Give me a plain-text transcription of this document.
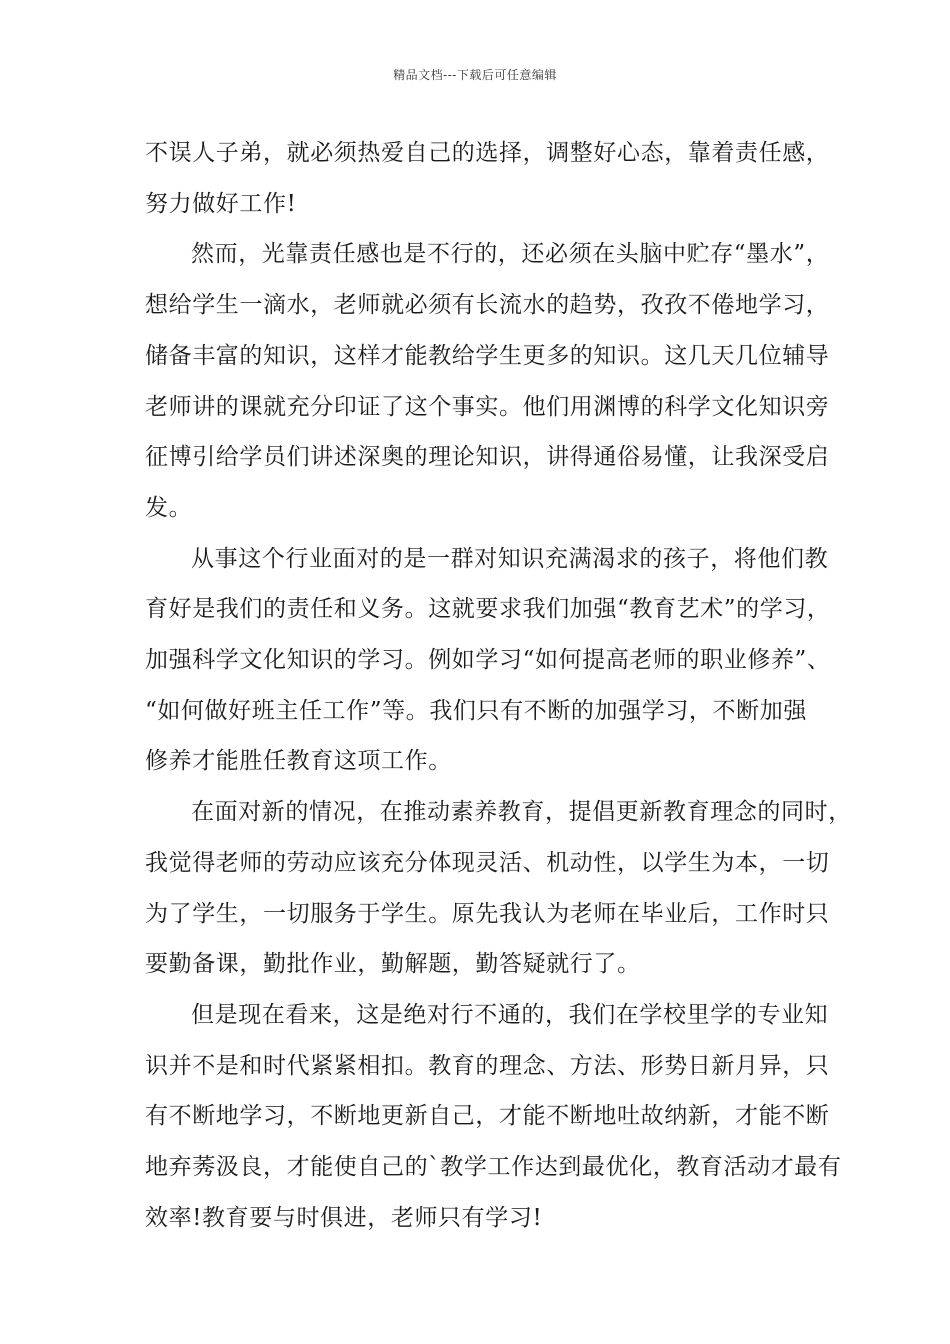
精品文档---下载后可任意编辑
不误人子弟，就必须热爱自己的选择，调整好心态，靠着责任感，
努力做好工作!
然而，光靠责任感也是不行的，还必须在头脑中贮存“墨水”，
想给学生一滴水，老师就必须有长流水的趋势，孜孜不倦地学习，
储备丰富的知识，这样才能教给学生更多的知识。这几天几位辅导
老师讲的课就充分印证了这个事实。他们用渊博的科学文化知识旁
征博引给学员们讲述深奥的理论知识，讲得通俗易懂，让我深受启
发。
从事这个行业面对的是一群对知识充满渴求的孩子，将他们教
育好是我们的责任和义务。这就要求我们加强“教育艺术”的学习，
加强科学文化知识的学习。例如学习“如何提高老师的职业修养”、
“如何做好班主任工作”等。我们只有不断的加强学习，不断加强
修养才能胜任教育这项工作。
在面对新的情况，在推动素养教育，提倡更新教育理念的同时，
我觉得老师的劳动应该充分体现灵活、机动性，以学生为本，一切
为了学生，一切服务于学生。原先我认为老师在毕业后，工作时只
要勤备课，勤批作业，勤解题，勤答疑就行了。
但是现在看来，这是绝对行不通的，我们在学校里学的专业知
识并不是和时代紧紧相扣。教育的理念、方法、形势日新月异，只
有不断地学习，不断地更新自己，才能不断地吐故纳新，才能不断
地弃莠汲良，才能使自己的`教学工作达到最优化，教育活动才最有
效率!教育要与时俱进，老师只有学习!
